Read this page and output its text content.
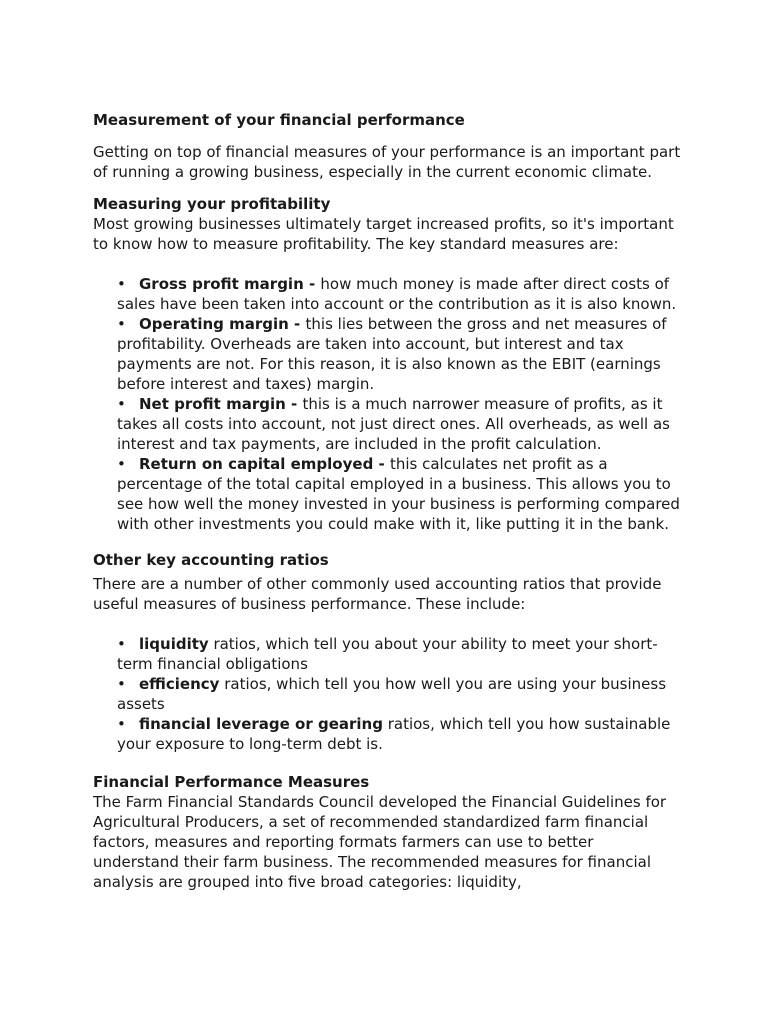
Measurement of your financial performance

Getting on top of financial measures of your performance is an important part of running a growing business, especially in the current economic climate.

Measuring your profitability

Most growing businesses ultimately target increased profits, so it's important to know how to measure profitability. The key standard measures are:

• Gross profit margin - how much money is made after direct costs of sales have been taken into account or the contribution as it is also known.
• Operating margin - this lies between the gross and net measures of profitability. Overheads are taken into account, but interest and tax payments are not. For this reason, it is also known as the EBIT (earnings before interest and taxes) margin.
• Net profit margin - this is a much narrower measure of profits, as it takes all costs into account, not just direct ones. All overheads, as well as interest and tax payments, are included in the profit calculation.
• Return on capital employed - this calculates net profit as a percentage of the total capital employed in a business. This allows you to see how well the money invested in your business is performing compared with other investments you could make with it, like putting it in the bank.
Other key accounting ratios

There are a number of other commonly used accounting ratios that provide useful measures of business performance. These include:

• liquidity ratios, which tell you about your ability to meet your short-term financial obligations
• efficiency ratios, which tell you how well you are using your business assets
• financial leverage or gearing ratios, which tell you how sustainable your exposure to long-term debt is.
Financial Performance Measures

The Farm Financial Standards Council developed the Financial Guidelines for Agricultural Producers, a set of recommended standardized farm financial factors, measures and reporting formats farmers can use to better understand their farm business. The recommended measures for financial analysis are grouped into five broad categories: liquidity,
